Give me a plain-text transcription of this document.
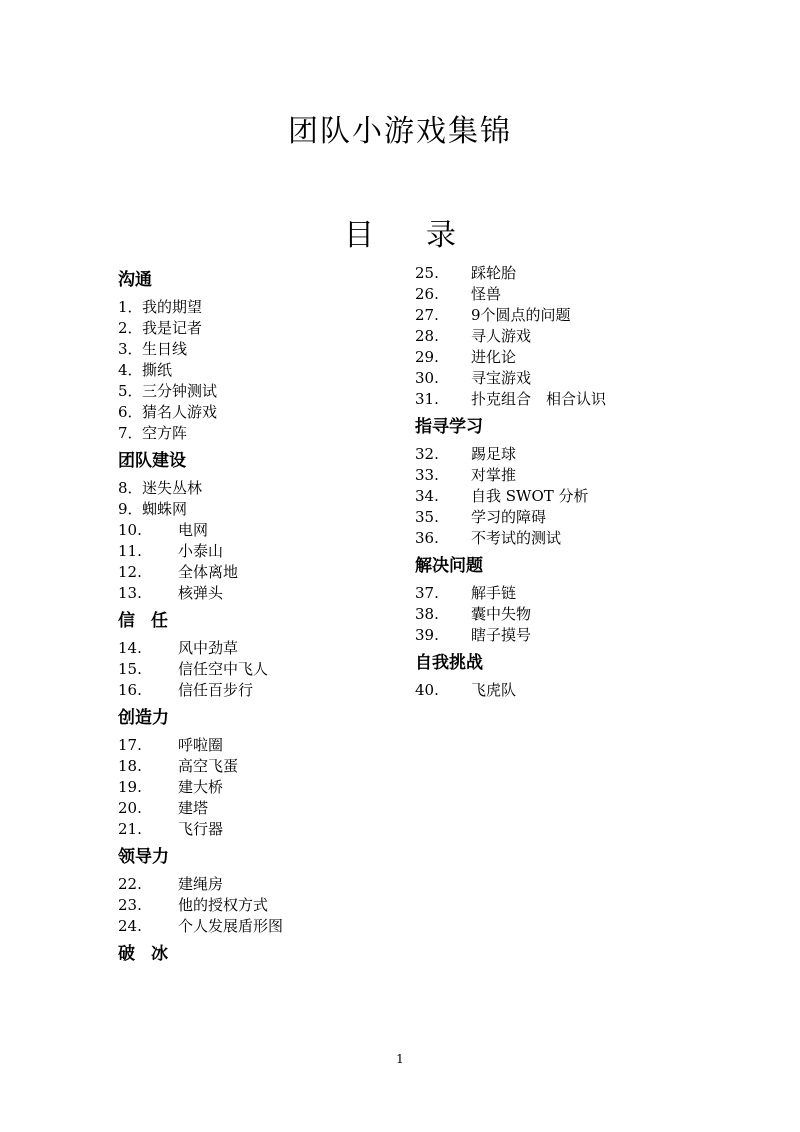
团队小游戏集锦
目 录
沟通
1．我的期望
2．我是记者
3．生日线
4．撕纸
5．三分钟测试
6．猜名人游戏
7．空方阵
团队建设
8．迷失丛林
9．蜘蛛网
10. 电网
11. 小泰山
12. 全体离地
13. 核弹头
信任
14. 风中劲草
15. 信任空中飞人
16. 信任百步行
创造力
17. 呼啦圈
18. 高空飞蛋
19. 建大桥
20. 建塔
21. 飞行器
领导力
22. 建绳房
23. 他的授权方式
24. 个人发展盾形图
破冰
25. 踩轮胎
26. 怪兽
27. 9个圆点的问题
28. 寻人游戏
29. 进化论
30. 寻宝游戏
31. 扑克组合　相合认识
指寻学习
32. 踢足球
33. 对掌推
34. 自我 SWOT 分析
35. 学习的障碍
36. 不考试的测试
解决问题
37. 解手链
38. 囊中失物
39. 瞎子摸号
自我挑战
40. 飞虎队
1
